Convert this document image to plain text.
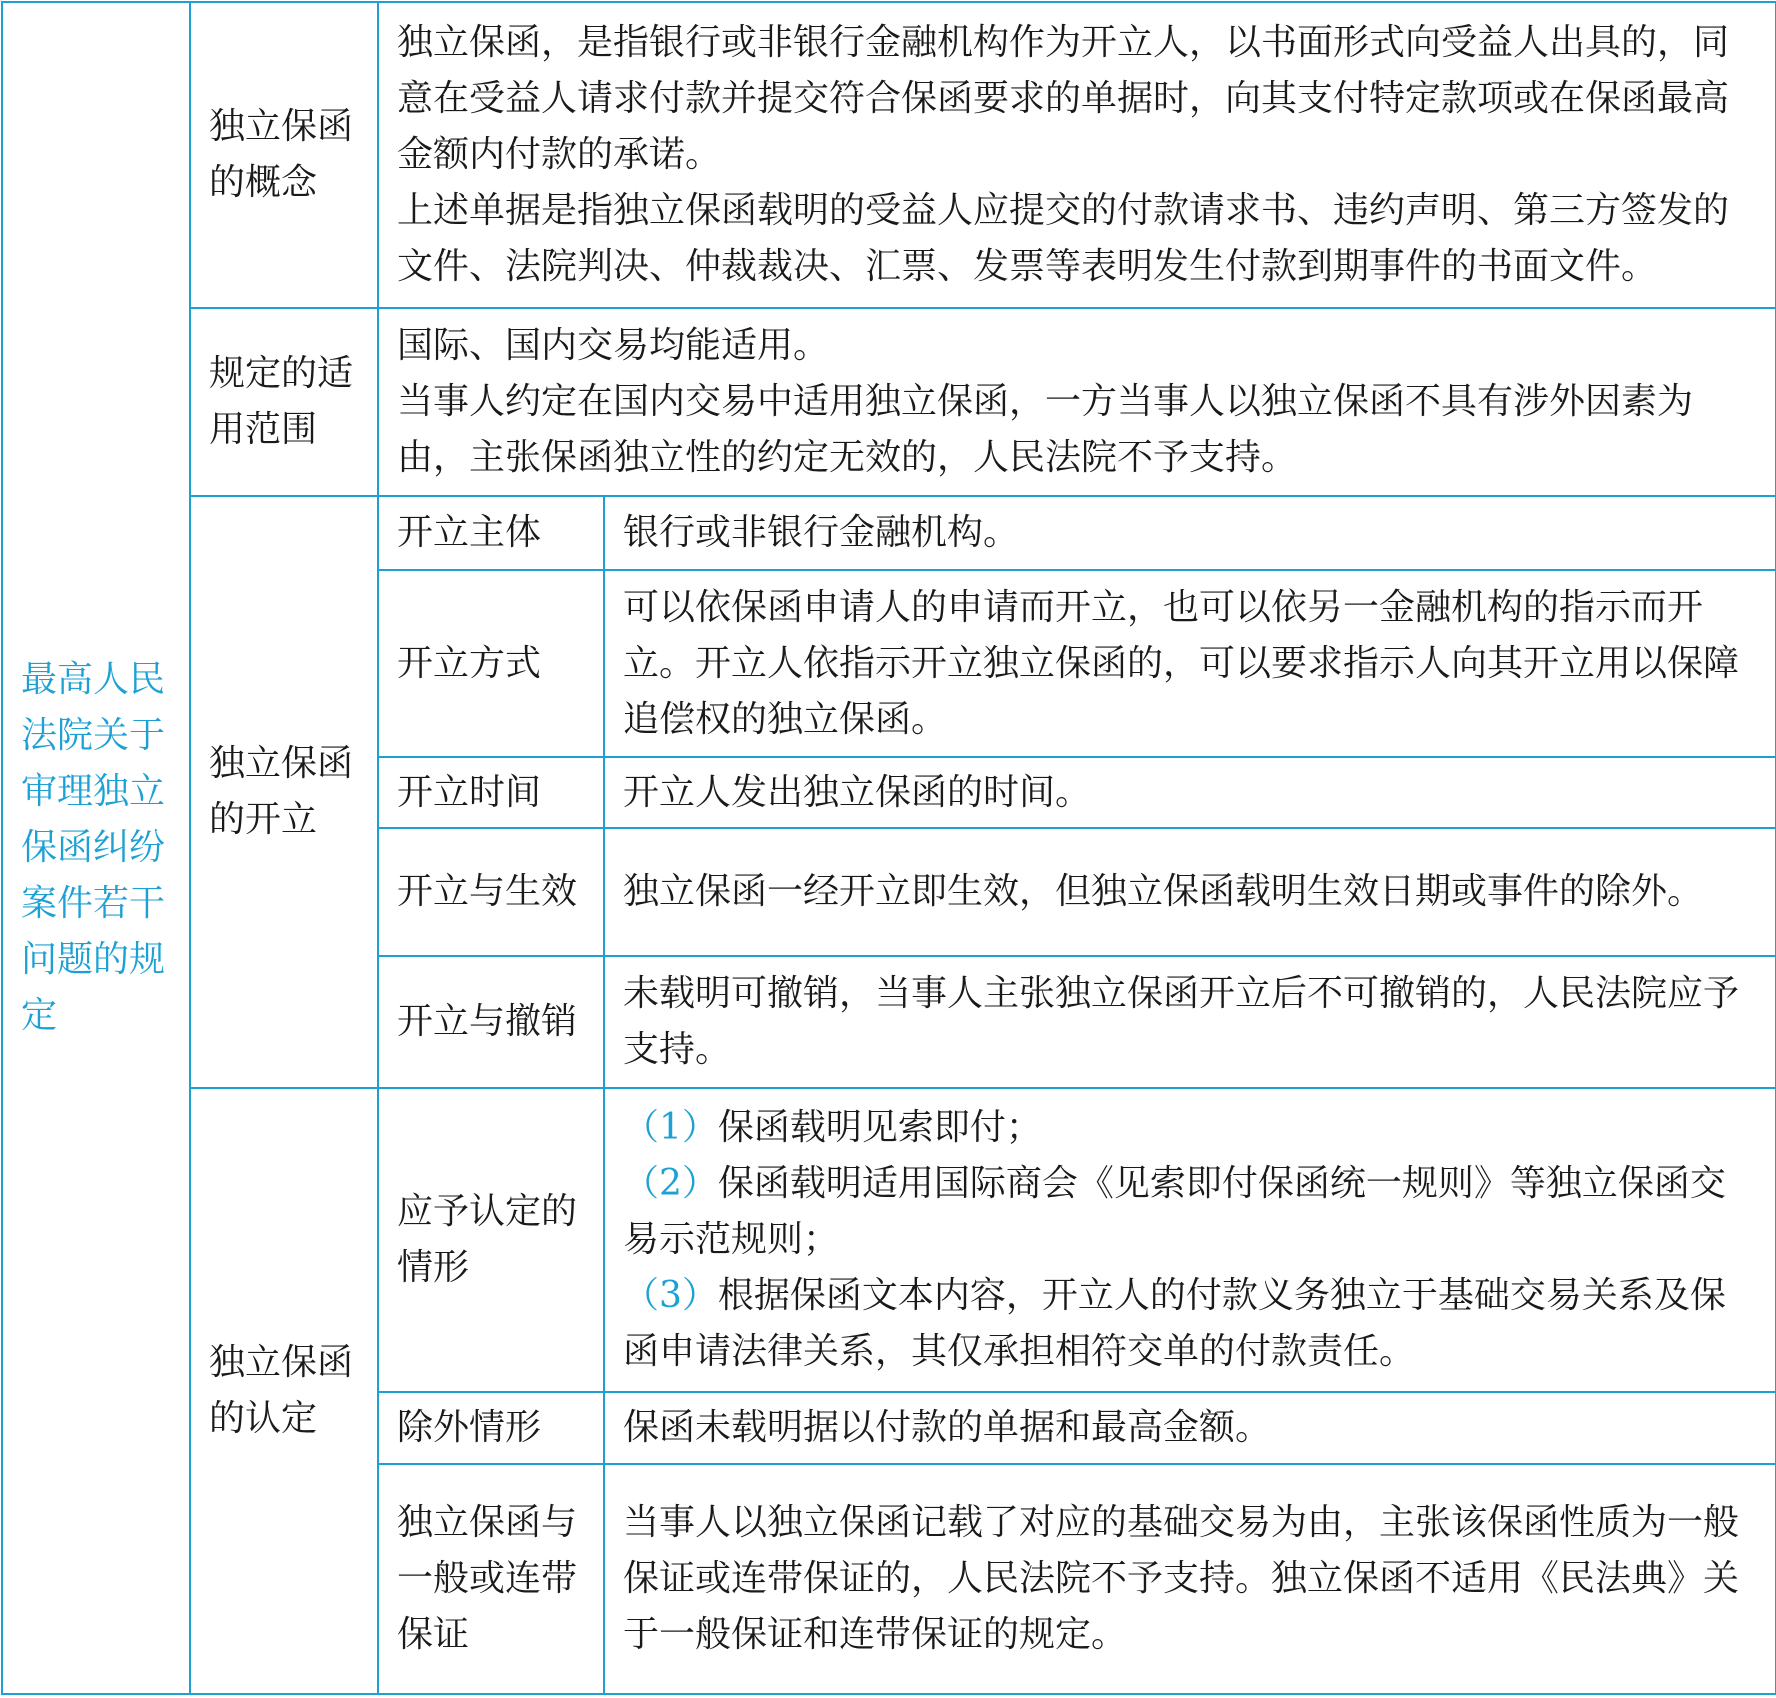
最高人民法院关于审理独立保函纠纷案件若干问题的规定	独立保函的概念	独立保函，是指银行或非银行金融机构作为开立人，以书面形式向受益人出具的，同意在受益人请求付款并提交符合保函要求的单据时，向其支付特定款项或在保函最高金额内付款的承诺。

上述单据是指独立保函载明的受益人应提交的付款请求书、违约声明、第三方签发的文件、法院判决、仲裁裁决、汇票、发票等表明发生付款到期事件的书面文件。	

	规定的适用范围	国际、国内交易均能适用。

当事人约定在国内交易中适用独立保函，一方当事人以独立保函不具有涉外因素为由，主张保函独立性的约定无效的，人民法院不予支持。	

	独立保函的开立	开立主体	银行或非银行金融机构。
		开立方式	可以依保函申请人的申请而开立，也可以依另一金融机构的指示而开立。开立人依指示开立独立保函的，可以要求指示人向其开立用以保障追偿权的独立保函。
		开立时间	开立人发出独立保函的时间。
		开立与生效	独立保函一经开立即生效，但独立保函载明生效日期或事件的除外。
		开立与撤销	未载明可撤销，当事人主张独立保函开立后不可撤销的，人民法院应予支持。
	独立保函的认定	应予认定的情形	（1）保函载明见索即付；

（2）保函载明适用国际商会《见索即付保函统一规则》等独立保函交易示范规则；

（3）根据保函文本内容，开立人的付款义务独立于基础交易关系及保函申请法律关系，其仅承担相符交单的付款责任。

		除外情形	保函未载明据以付款的单据和最高金额。
		独立保函与一般或连带保证	当事人以独立保函记载了对应的基础交易为由，主张该保函性质为一般保证或连带保证的，人民法院不予支持。独立保函不适用《民法典》关于一般保证和连带保证的规定。
